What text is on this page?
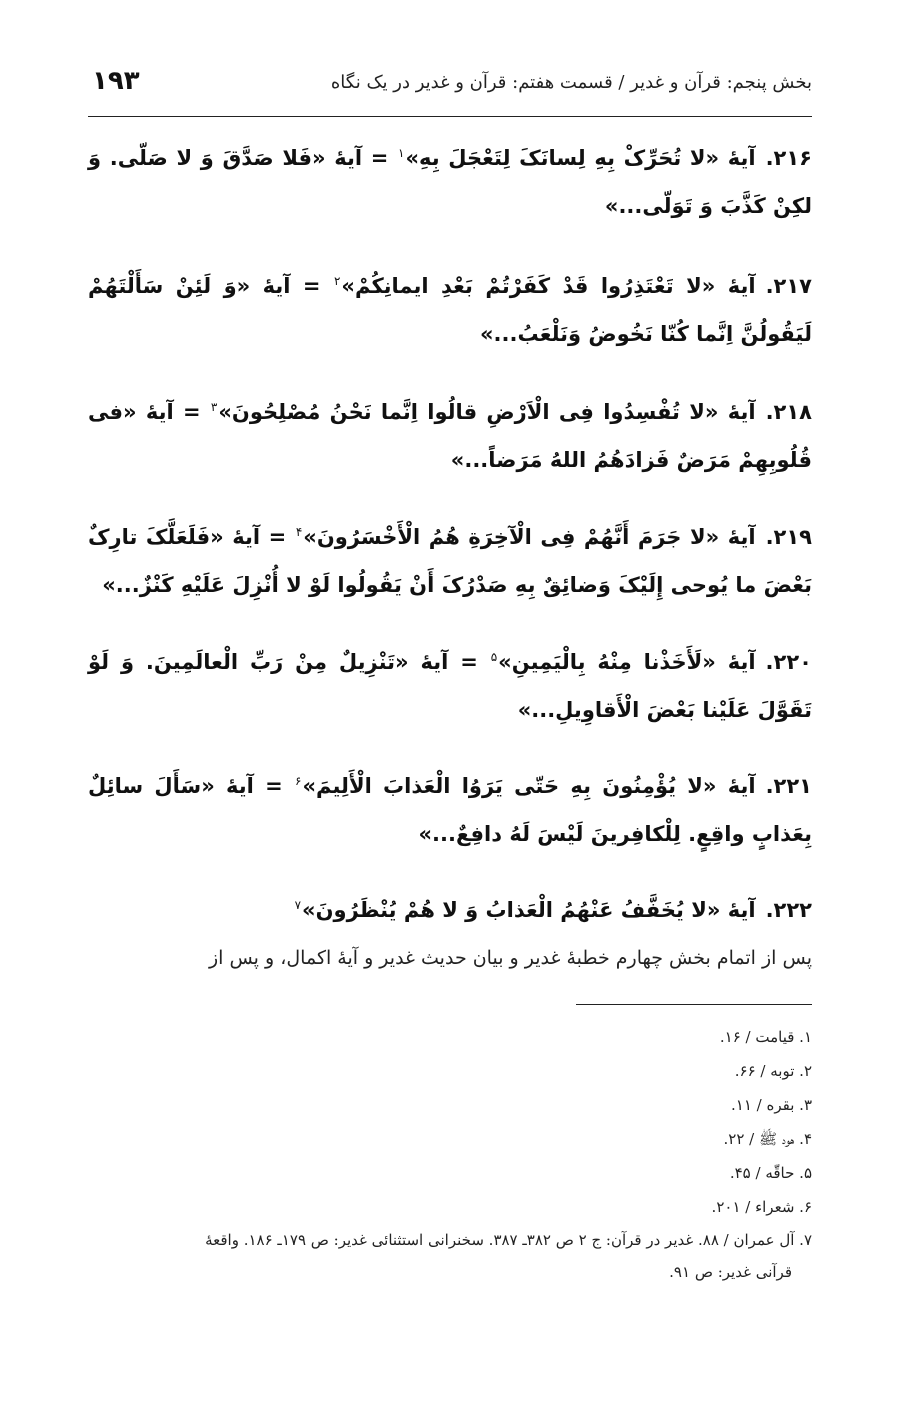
بخش پنجم: قرآن و غدیر / قسمت هفتم: قرآن و غدیر در یک نگاه
۱۹۳
۲۱۶.آیهٔ «لا تُحَرِّکْ بِهِ لِسانَکَ لِتَعْجَلَ بِهِ»$^۱$ = آیهٔ «فَلا صَدَّقَ وَ لا صَلّی. وَ لکِنْ کَذَّبَ وَ تَوَلّی...»
۲۱۷.آیهٔ «لا تَعْتَذِرُوا قَدْ کَفَرْتُمْ بَعْدِ ایمانِکُمْ»$^۲$ = آیهٔ «وَ لَئِنْ سَأَلْتَهُمْ لَیَقُولُنَّ اِنَّما کُنّا نَخُوضُ وَنَلْعَبُ...»
۲۱۸.آیهٔ «لا تُفْسِدُوا فِی الْاَرْضِ قالُوا اِنَّما نَحْنُ مُصْلِحُونَ»$^۳$ = آیهٔ «فی قُلُوبِهِمْ مَرَضٌ فَزادَهُمُ اللهُ مَرَضاً...»
۲۱۹.آیهٔ «لا جَرَمَ أَنَّهُمْ فِی الْآخِرَةِ هُمُ الْأَخْسَرُونَ»$^۴$ = آیهٔ «فَلَعَلَّکَ تارِکٌ بَعْضَ ما یُوحی إِلَیْکَ وَضائِقٌ بِهِ صَدْرُکَ أَنْ یَقُولُوا لَوْ لا أُنْزِلَ عَلَیْهِ کَنْزٌ...»
۲۲۰.آیهٔ «لَأَخَذْنا مِنْهُ بِالْیَمِینِ»$^۵$ = آیهٔ «تَنْزِیلٌ مِنْ رَبِّ الْعالَمِینَ. وَ لَوْ تَقَوَّلَ عَلَیْنا بَعْضَ الْأَقاوِیلِ...»
۲۲۱.آیهٔ «لا یُؤْمِنُونَ بِهِ حَتّی یَرَوُا الْعَذابَ الْأَلِیمَ»$^۶$ = آیهٔ «سَأَلَ سائِلٌ بِعَذابٍ واقِعٍ. لِلْکافِرینَ لَیْسَ لَهُ دافِعٌ...»
۲۲۲.آیهٔ «لا یُخَفَّفُ عَنْهُمُ الْعَذابُ وَ لا هُمْ یُنْظَرُونَ»$^۷$
پس از اتمام بخش چهارم خطبهٔ غدیر و بیان حدیث غدیر و آیهٔ اکمال، و پس از
۱. قیامت / ۱۶.
۲. توبه / ۶۶.
۳. بقره / ۱۱.
۴. هود ﷺ / ۲۲.
۵. حاقّه / ۴۵.
۶. شعراء / ۲۰۱.
۷. آل عمران / ۸۸. غدیر در قرآن: ج ۲ ص ۳۸۲ـ ۳۸۷. سخنرانی استثنائی غدیر: ص ۱۷۹ـ ۱۸۶. واقعهٔ
قرآنی غدیر: ص ۹۱.
